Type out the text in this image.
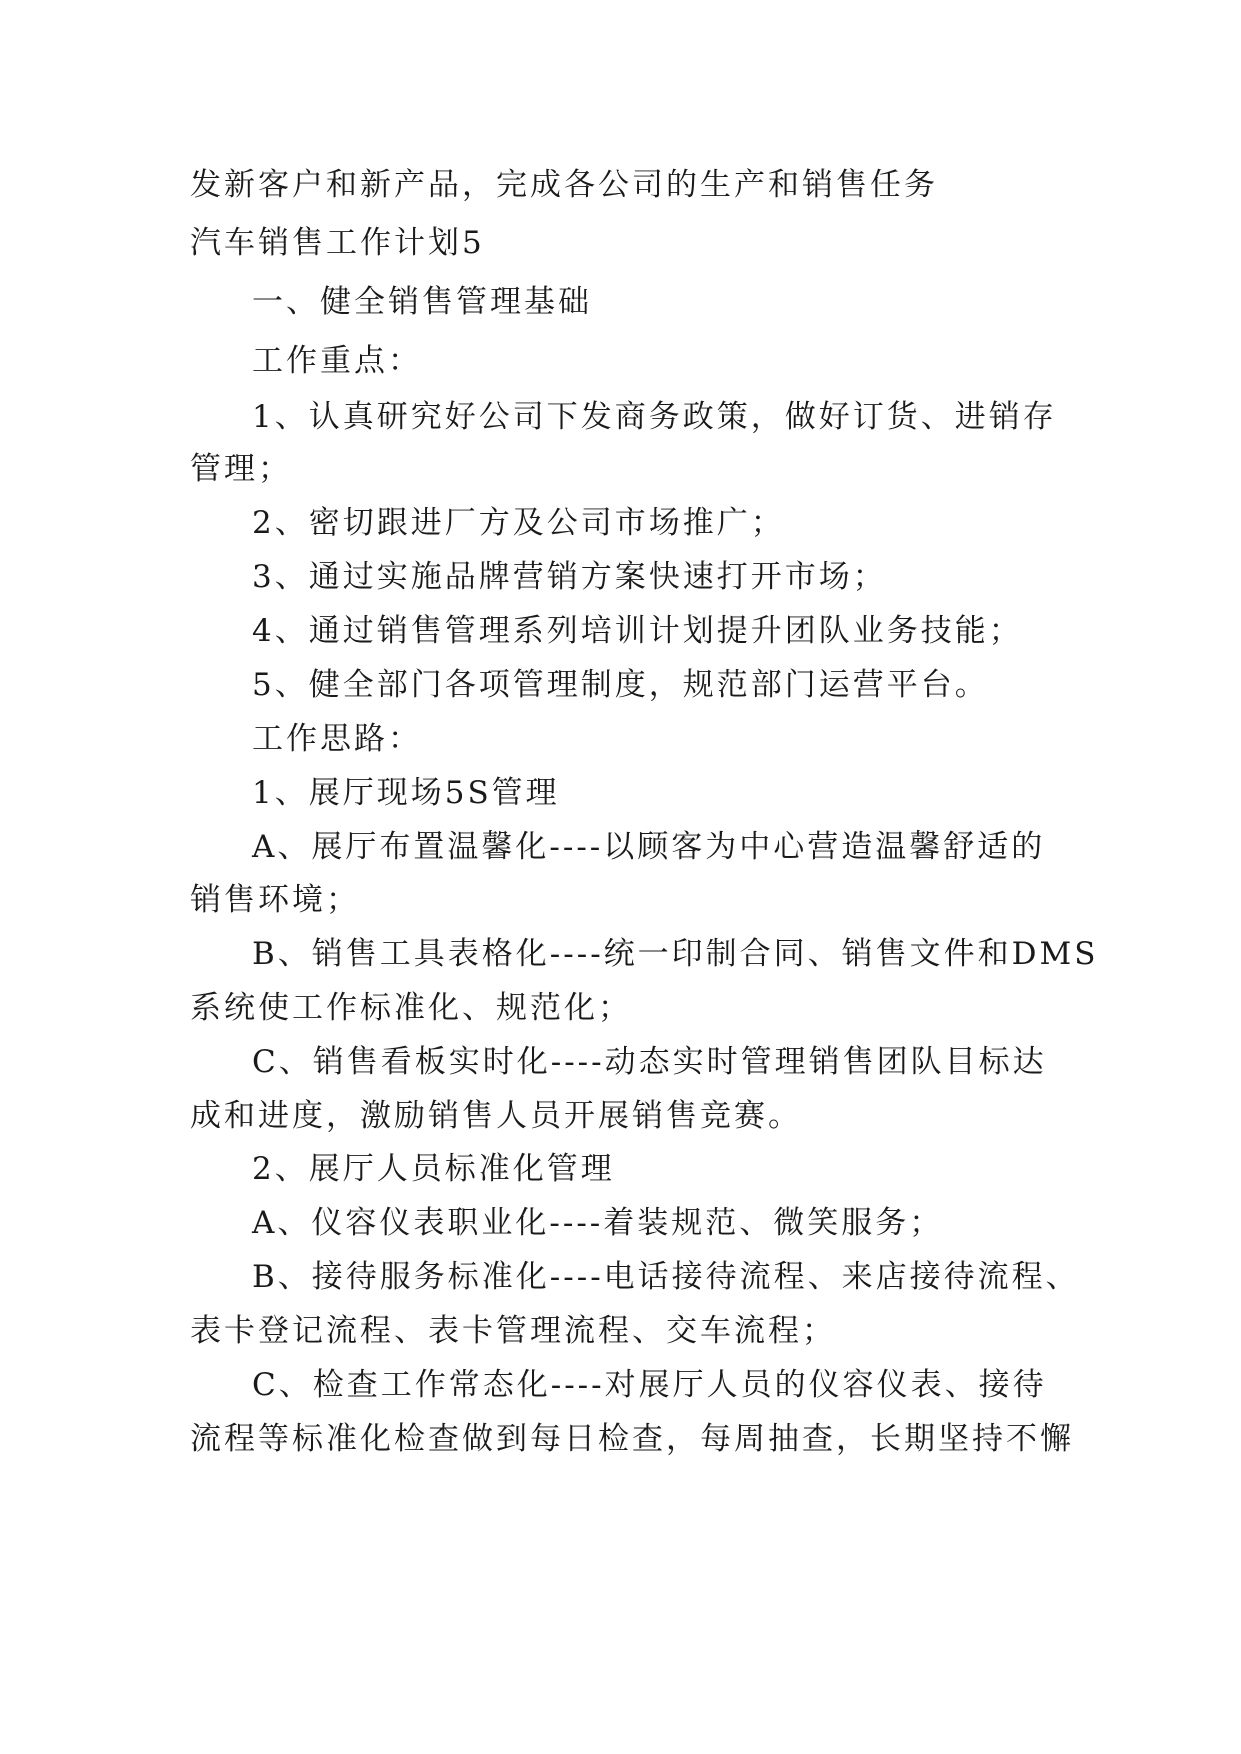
发新客户和新产品，完成各公司的生产和销售任务
汽车销售工作计划5
一、健全销售管理基础
工作重点：
1、认真研究好公司下发商务政策，做好订货、进销存
管理；
2、密切跟进厂方及公司市场推广；
3、通过实施品牌营销方案快速打开市场；
4、通过销售管理系列培训计划提升团队业务技能；
5、健全部门各项管理制度，规范部门运营平台。
工作思路：
1、展厅现场5S管理
A、展厅布置温馨化----以顾客为中心营造温馨舒适的
销售环境；
B、销售工具表格化----统一印制合同、销售文件和DMS
系统使工作标准化、规范化；
C、销售看板实时化----动态实时管理销售团队目标达
成和进度，激励销售人员开展销售竞赛。
2、展厅人员标准化管理
A、仪容仪表职业化----着装规范、微笑服务；
B、接待服务标准化----电话接待流程、来店接待流程、
表卡登记流程、表卡管理流程、交车流程；
C、检查工作常态化----对展厅人员的仪容仪表、接待
流程等标准化检查做到每日检查，每周抽查，长期坚持不懈
